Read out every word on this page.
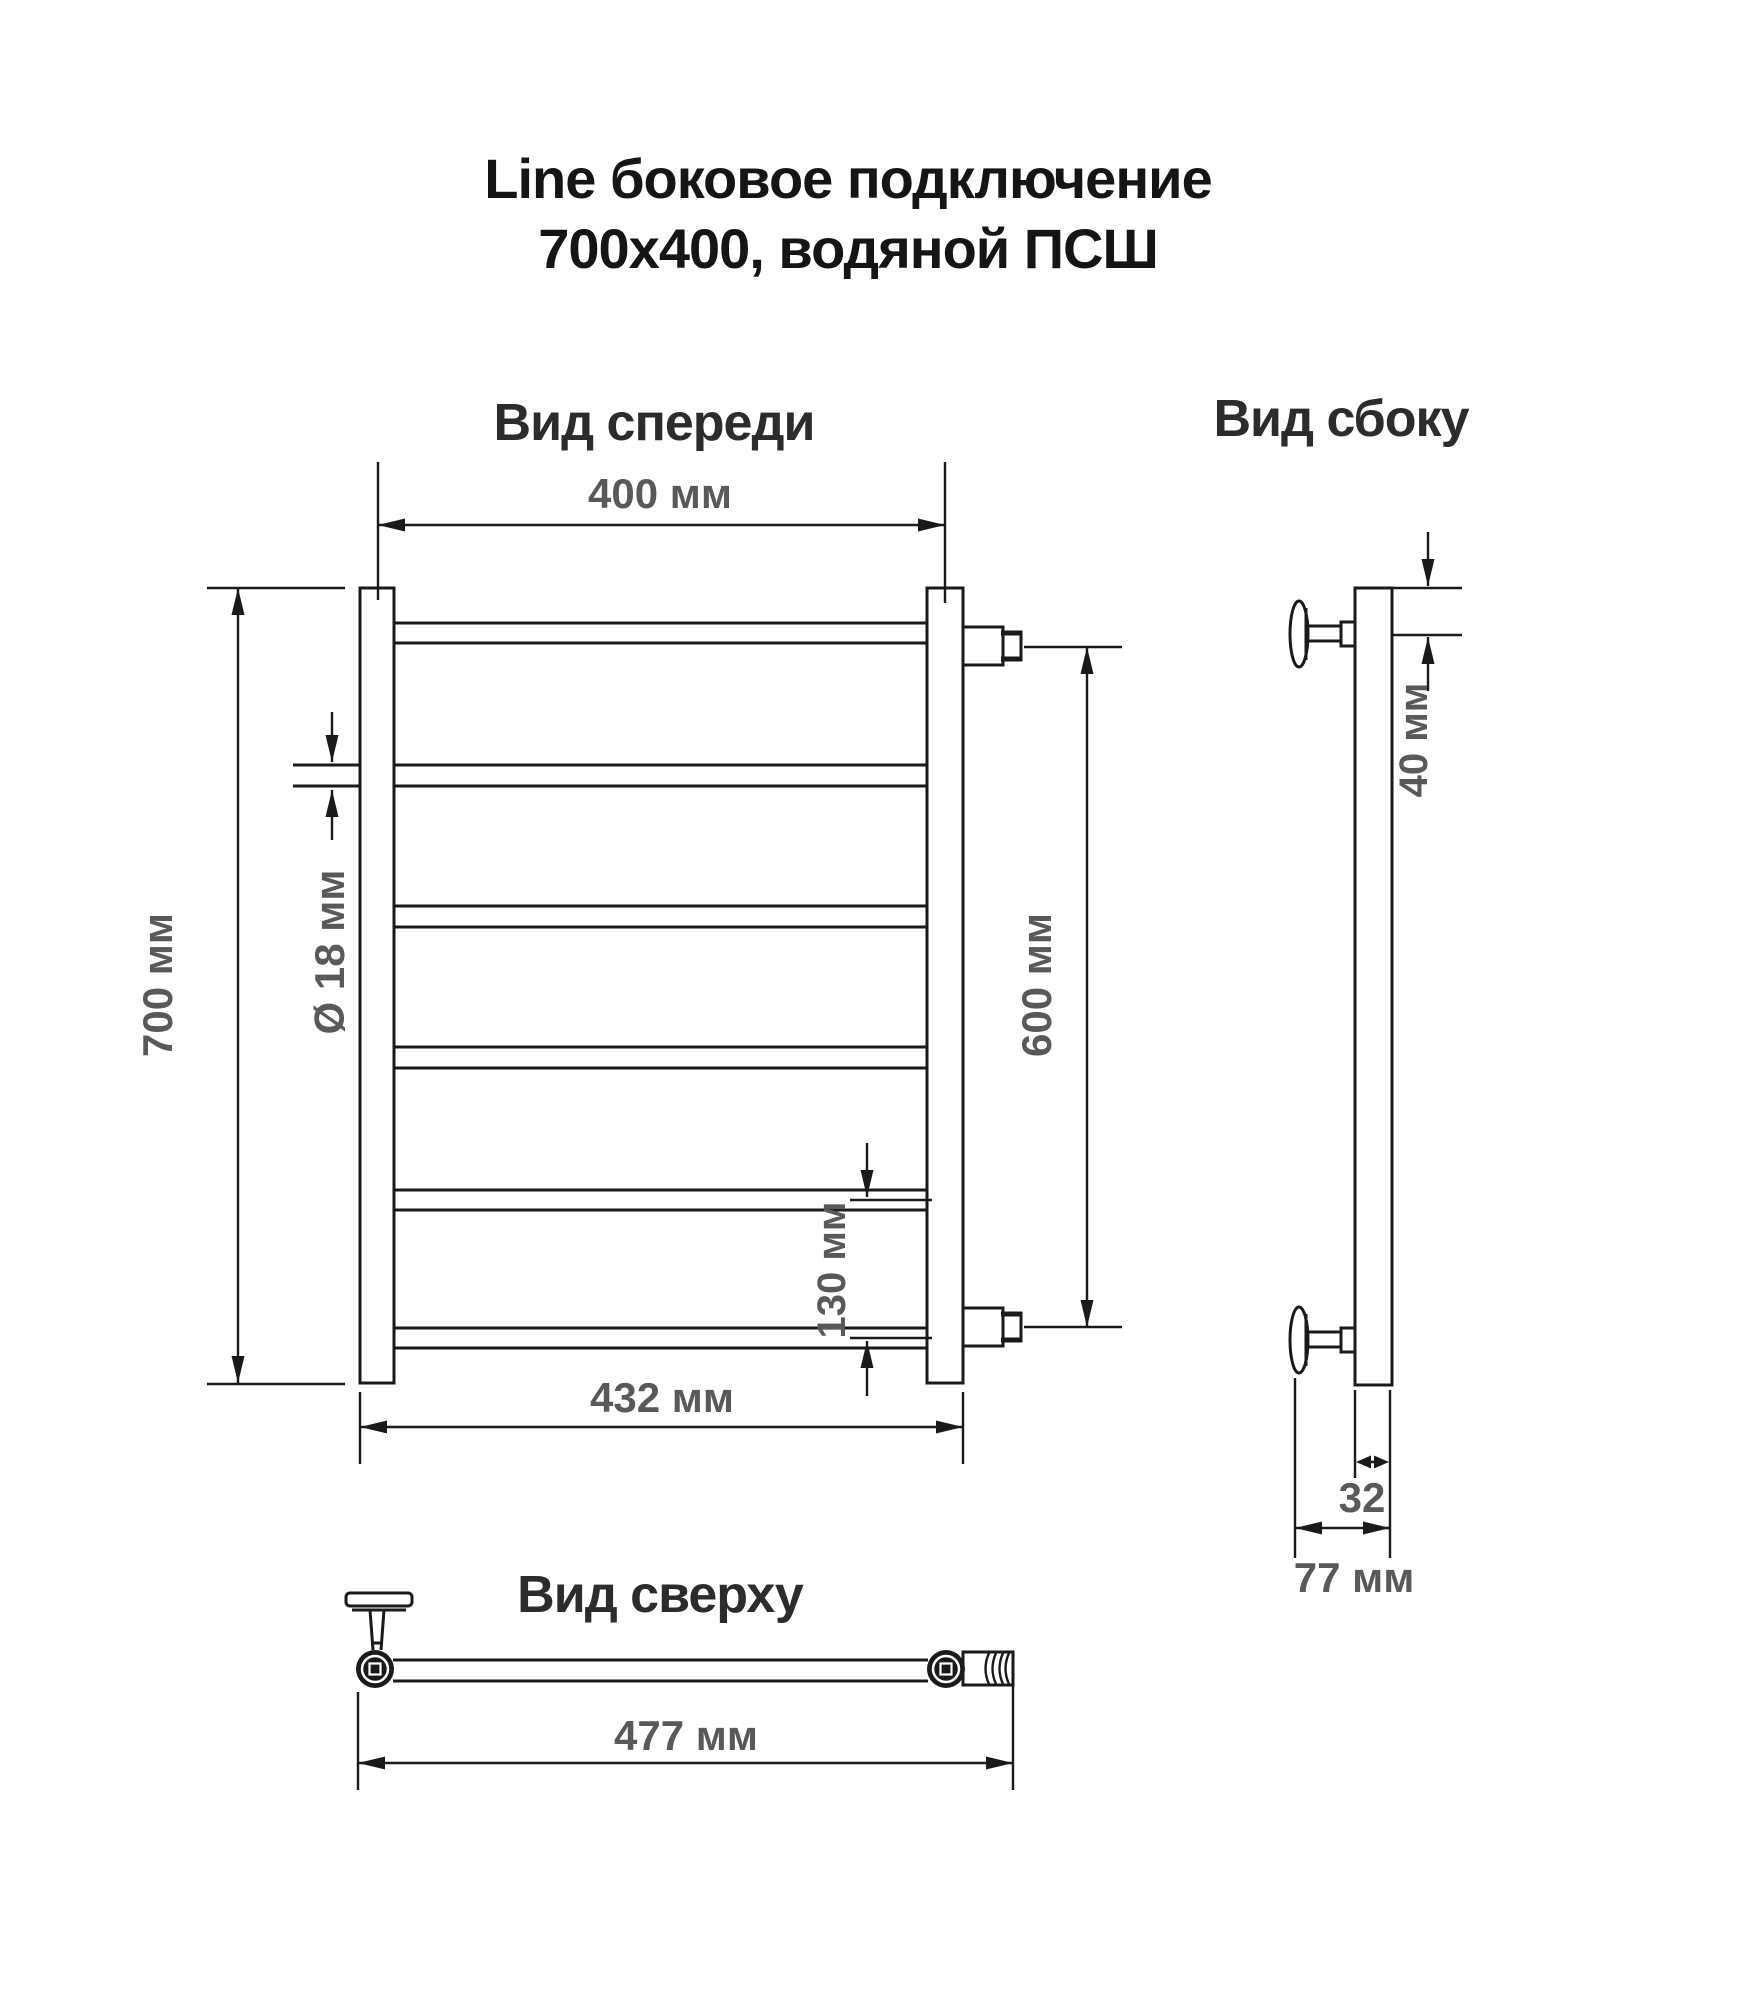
Line боковое подключение
700x400, водяной ПСШ
Вид спереди	Вид сбоку
Вид сверху
400 мм
700 мм	Ø 18 мм	600 мм
130 мм
432 мм
40 мм
32
77 мм
477 мм
